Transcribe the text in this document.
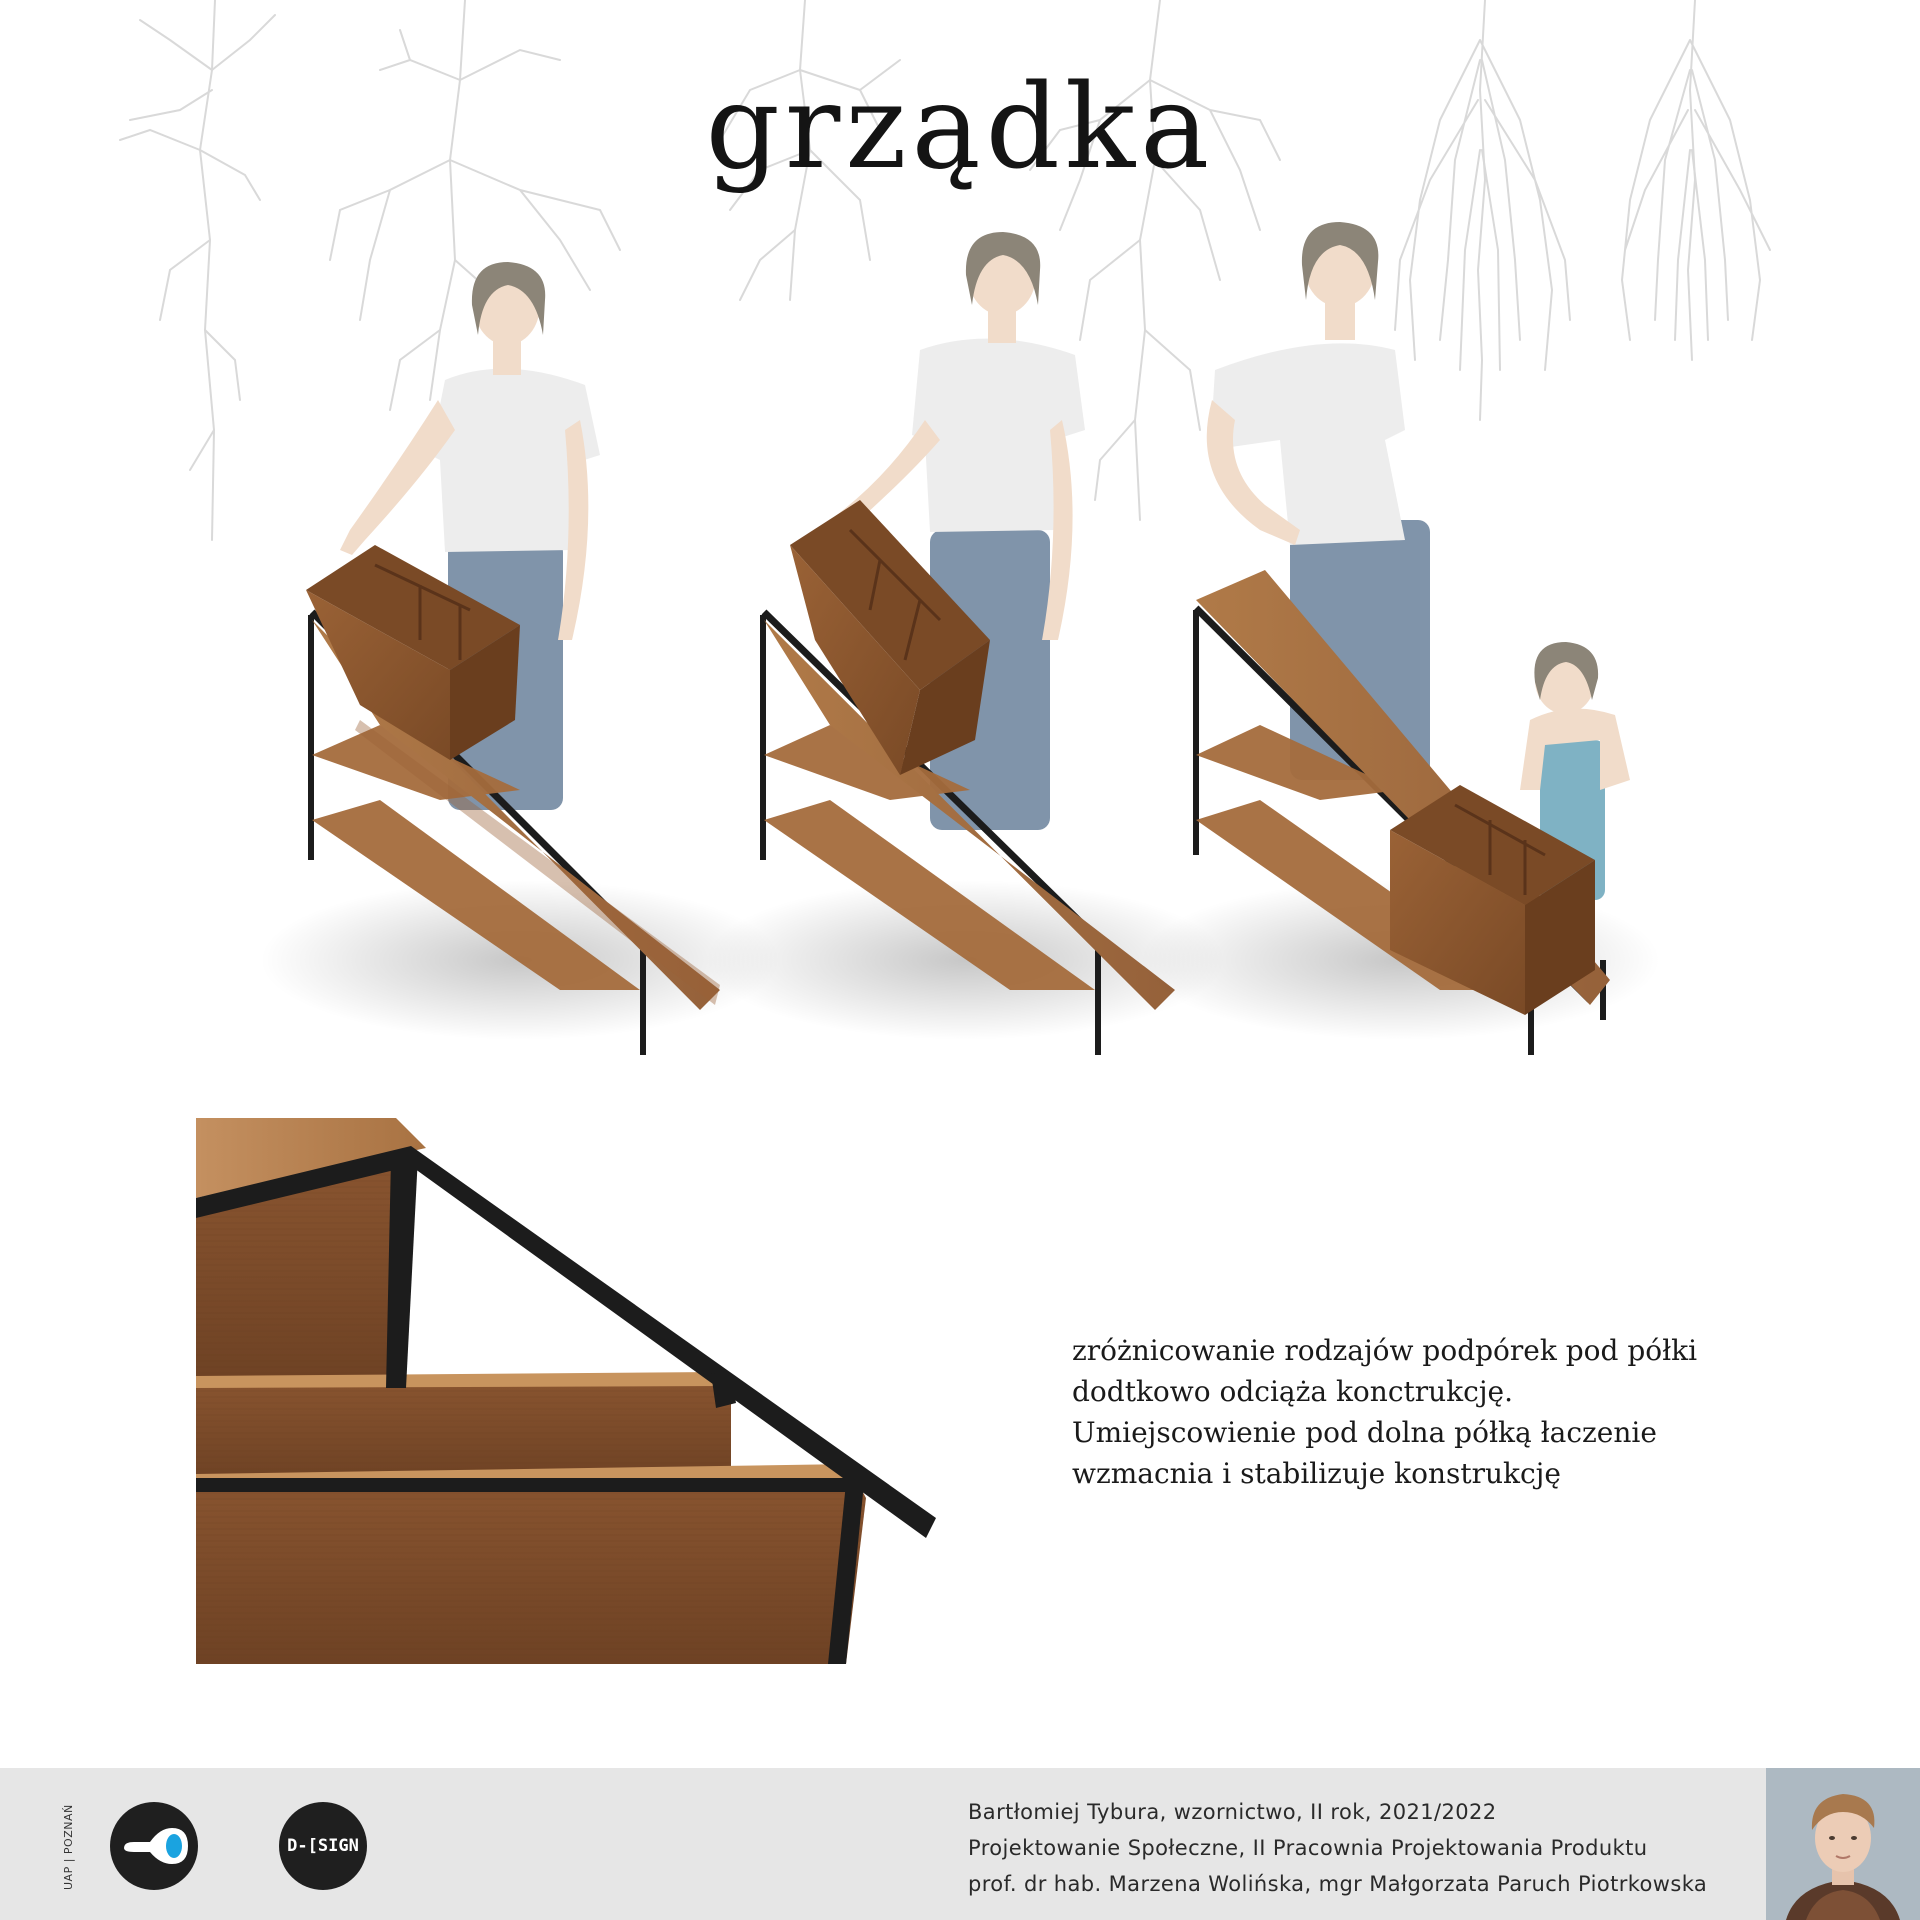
grządka

zróżnicowanie rodzajów podpórek pod półki

dodtkowo odciąża konctrukcję.

Umiejscowienie pod dolna półką łaczenie

wzmacnia i stabilizuje konstrukcję

UAP | POZNAŃ	D-[SIGN

Bartłomiej Tybura, wzornictwo, II rok, 2021/2022

Projektowanie Społeczne, II Pracownia Projektowania Produktu

prof. dr hab. Marzena Wolińska, mgr Małgorzata Paruch Piotrkowska
